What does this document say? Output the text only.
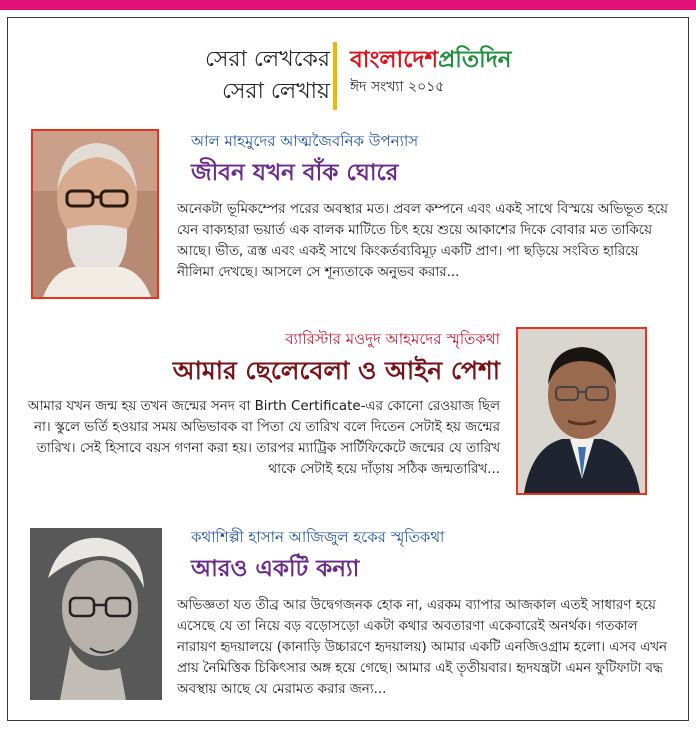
সেরা লেখকের
সেরা লেখায়
বাংলাদেশপ্রতিদিন
ঈদ সংখ্যা ২০১৫
আল মাহমুদের আত্মজৈবনিক উপন্যাস
জীবন যখন বাঁক ঘোরে
অনেকটা ভূমিকম্পের পরের অবস্থার মত। প্রবল কম্পনে এবং একই সাথে বিস্ময়ে অভিভূত হয়ে যেন বাক্যহারা ভয়ার্ত এক বালক মাটিতে চিৎ হয়ে শুয়ে আকাশের দিকে বোবার মত তাকিয়ে আছে। ভীত, ত্রস্ত এবং একই সাথে কিংকর্তব্যবিমূঢ় একটি প্রাণ। পা ছড়িয়ে সংবিত হারিয়ে নীলিমা দেখছে। আসলে সে শূন্যতাকে অনুভব করার...
ব্যারিস্টার মওদুদ আহমদের স্মৃতিকথা
আমার ছেলেবেলা ও আইন পেশা
আমার যখন জন্ম হয় তখন জন্মের সনদ বা Birth Certificate-এর কোনো রেওয়াজ ছিল না। স্কুলে ভর্তি হওয়ার সময় অভিভাবক বা পিতা যে তারিখ বলে দিতেন সেটাই হয় জন্মের তারিখ। সেই হিসাবে বয়স গণনা করা হয়। তারপর ম্যাট্রিক সার্টিফিকেটে জন্মের যে তারিখ থাকে সেটাই হয়ে দাঁড়ায় সঠিক জন্মতারিখ...
কথাশিল্পী হাসান আজিজুল হকের স্মৃতিকথা
আরও একটি কন্যা
অভিজ্ঞতা যত তীব্র আর উদ্বেগজনক হোক না, এরকম ব্যাপার আজকাল এতই সাধারণ হয়ে এসেছে যে তা নিয়ে বড় বড়োসড়ো একটা কথার অবতারণা একেবারেই অনর্থক। গতকাল নারায়ণ হৃদয়ালয়ে (কানাড়ি উচ্চারণে হৃদয়ালয়) আমার একটি এনজিওগ্রাম হলো। এসব এখন প্রায় নৈমিত্তিক চিকিৎসার অঙ্গ হয়ে গেছে। আমার এই তৃতীয়বার। হৃদযন্ত্রটা এমন ফুটিফাটা বদ্ধ অবস্থায় আছে যে মেরামত করার জন্য...
